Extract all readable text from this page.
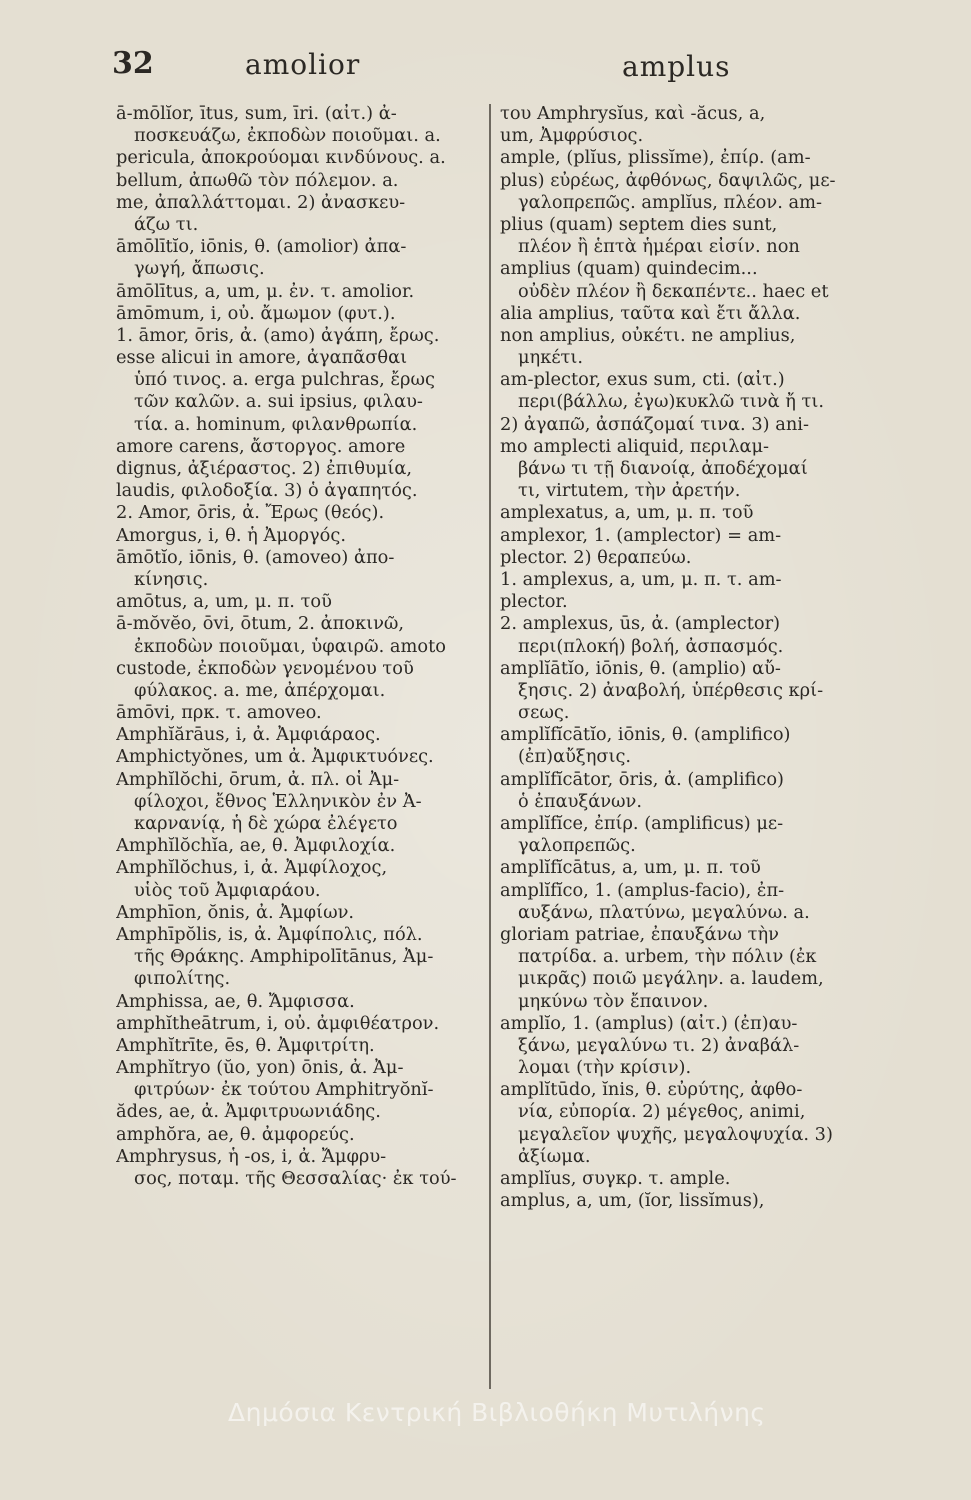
32	amolior	amplus
ā-mōlĭor, ītus, sum, īri. (αἰτ.) ἀ-
ποσκευάζω, ἐκποδὼν ποιοῦμαι. a.
pericula, ἀποκρούομαι κινδύνους. a.
bellum, ἀπωθῶ τὸν πόλεμον. a.
me, ἀπαλλάττομαι. 2) ἀνασκευ-
άζω τι.
āmōlītĭo, iōnis, θ. (amolior) ἀπα-
γωγή, ἄπωσις.
āmōlītus, a, um, μ. ἐν. τ. amolior.
āmōmum, i, οὐ. ἄμωμον (φυτ.).
1. āmor, ōris, ἀ. (amo) ἀγάπη, ἔρως.
esse alicui in amore, ἀγαπᾶσθαι
ὑπό τινος. a. erga pulchras, ἔρως
τῶν καλῶν. a. sui ipsius, φιλαυ-
τία. a. hominum, φιλανθρωπία.
amore carens, ἄστοργος. amore
dignus, ἀξιέραστος. 2) ἐπιθυμία,
laudis, φιλοδοξία. 3) ὁ ἀγαπητός.
2. Amor, ōris, ἀ. Ἔρως (θεός).
Amorgus, i, θ. ἡ Ἀμοργός.
āmōtĭo, iōnis, θ. (amoveo) ἀπο-
κίνησις.
amōtus, a, um, μ. π. τοῦ
ā-mŏvĕo, ōvi, ōtum, 2. ἀποκινῶ,
ἐκποδὼν ποιοῦμαι, ὑφαιρῶ. amoto
custode, ἐκποδὼν γενομένου τοῦ
φύλακος. a. me, ἀπέρχομαι.
āmōvi, πρκ. τ. amoveo.
Amphĭărāus, i, ἀ. Ἀμφιάραος.
Amphictyŏnes, um ἀ. Ἀμφικτυόνες.
Amphĭlŏchi, ōrum, ἀ. πλ. οἱ Ἀμ-
φίλοχοι, ἔθνος Ἑλληνικὸν ἐν Ἀ-
καρνανίᾳ, ἡ δὲ χώρα ἐλέγετο
Amphĭlŏchĭa, ae, θ. Ἀμφιλοχία.
Amphĭlŏchus, i, ἀ. Ἀμφίλοχος,
υἱὸς τοῦ Ἀμφιαράου.
Amphīon, ŏnis, ἀ. Ἀμφίων.
Amphīpŏlis, is, ἀ. Ἀμφίπολις, πόλ.
τῆς Θράκης. Amphipolītānus, Ἀμ-
φιπολίτης.
Amphissa, ae, θ. Ἄμφισσα.
amphĭtheātrum, i, οὐ. ἀμφιθέατρον.
Amphĭtrīte, ēs, θ. Ἀμφιτρίτη.
Amphĭtryo (ŭo, yon) ōnis, ἀ. Ἀμ-
φιτρύων· ἐκ τούτου Amphitryŏnĭ-
ădes, ae, ἀ. Ἀμφιτρυωνιάδης.
amphŏra, ae, θ. ἀμφορεύς.
Amphrysus, ἡ -os, i, ἀ. Ἄμφρυ-
σος, ποταμ. τῆς Θεσσαλίας· ἐκ τού-
του Amphrysĭus, καὶ -ăcus, a,
um, Ἀμφρύσιος.
ample, (plĭus, plissĭme), ἐπίρ. (am-
plus) εὐρέως, ἀφθόνως, δαψιλῶς, με-
γαλοπρεπῶς. amplĭus, πλέον. am-
plius (quam) septem dies sunt,
πλέον ἢ ἑπτὰ ἡμέραι εἰσίν. non
amplius (quam) quindecim...
οὐδὲν πλέον ἢ δεκαπέντε.. haec et
alia amplius, ταῦτα καὶ ἔτι ἄλλα.
non amplius, οὐκέτι. ne amplius,
μηκέτι.
am-plector, exus sum, cti. (αἰτ.)
περι(βάλλω, ἐγω)κυκλῶ τινὰ ἤ τι.
2) ἀγαπῶ, ἀσπάζομαί τινα. 3) ani-
mo amplecti aliquid, περιλαμ-
βάνω τι τῇ διανοίᾳ, ἀποδέχομαί
τι, virtutem, τὴν ἀρετήν.
amplexatus, a, um, μ. π. τοῦ
amplexor, 1. (amplector) = am-
plector. 2) θεραπεύω.
1. amplexus, a, um, μ. π. τ. am-
plector.
2. amplexus, ūs, ἀ. (amplector)
περι(πλοκή) βολή, ἀσπασμός.
amplĭātĭo, iōnis, θ. (amplio) αὔ-
ξησις. 2) ἀναβολή, ὑπέρθεσις κρί-
σεως.
amplĭfĭcātĭo, iōnis, θ. (amplifico)
(ἐπ)αὔξησις.
amplĭfĭcātor, ōris, ἀ. (amplifico)
ὁ ἐπαυξάνων.
amplĭfĭce, ἐπίρ. (amplificus) με-
γαλοπρεπῶς.
amplĭfĭcātus, a, um, μ. π. τοῦ
amplĭfĭco, 1. (amplus-facio), ἐπ-
αυξάνω, πλατύνω, μεγαλύνω. a.
gloriam patriae, ἐπαυξάνω τὴν
πατρίδα. a. urbem, τὴν πόλιν (ἐκ
μικρᾶς) ποιῶ μεγάλην. a. laudem,
μηκύνω τὸν ἔπαινον.
amplĭo, 1. (amplus) (αἰτ.) (ἐπ)αυ-
ξάνω, μεγαλύνω τι. 2) ἀναβάλ-
λομαι (τὴν κρίσιν).
amplĭtūdo, ĭnis, θ. εὐρύτης, ἀφθο-
νία, εὐπορία. 2) μέγεθος, animi,
μεγαλεῖον ψυχῆς, μεγαλοψυχία. 3)
ἀξίωμα.
amplĭus, συγκρ. τ. ample.
amplus, a, um, (ĭor, lissĭmus),
Δημόσια Κεντρική Βιβλιοθήκη Μυτιλήνης
